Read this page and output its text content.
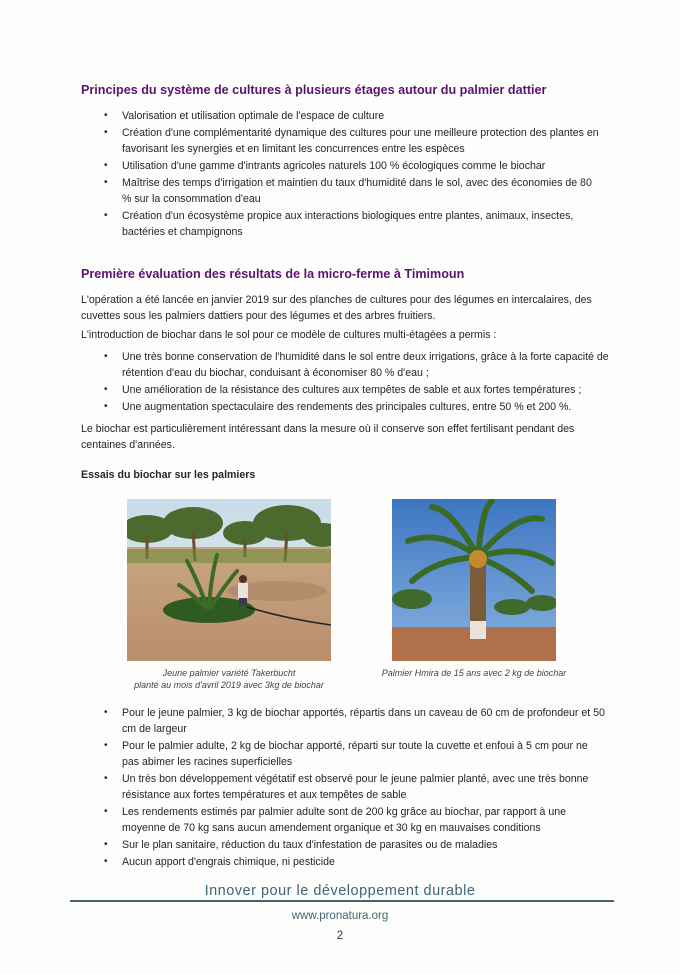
Principes du système de cultures à plusieurs étages autour du palmier dattier
• Valorisation et utilisation optimale de l'espace de culture
• Création d'une complémentarité dynamique des cultures pour une meilleure protection des plantes en favorisant les synergies et en limitant les concurrences entre les espèces
• Utilisation d'une gamme d'intrants agricoles naturels 100 % écologiques comme le biochar
• Maîtrise des temps d'irrigation et maintien du taux d'humidité dans le sol, avec des économies de 80 % sur la consommation d'eau
• Création d'un écosystème propice aux interactions biologiques entre plantes, animaux, insectes, bactéries et champignons
Première évaluation des résultats de la micro-ferme à Timimoun

L'opération a été lancée en janvier 2019 sur des planches de cultures pour des légumes en intercalaires, des cuvettes sous les palmiers dattiers pour des légumes et des arbres fruitiers.

L'introduction de biochar dans le sol pour ce modèle de cultures multi-étagées a permis :

• Une très bonne conservation de l'humidité dans le sol entre deux irrigations, grâce à la forte capacité de rétention d'eau du biochar, conduisant à économiser 80 % d'eau ;
• Une amélioration de la résistance des cultures aux tempêtes de sable et aux fortes températures ;
• Une augmentation spectaculaire des rendements des principales cultures, entre 50 % et 200 %.

Le biochar est particulièrement intéressant dans la mesure où il conserve son effet fertilisant pendant des centaines d'années.

Essais du biochar sur les palmiers
Jeune palmier variété Takerbucht
planté au mois d'avril 2019 avec 3kg de biochar
Palmier Hmira de 15 ans avec 2 kg de biochar
• Pour le jeune palmier, 3 kg de biochar apportés, répartis dans un caveau de 60 cm de profondeur et 50 cm de largeur
• Pour le palmier adulte, 2 kg de biochar apporté, réparti sur toute la cuvette et enfoui à 5 cm pour ne pas abimer les racines superficielles
• Un très bon développement végétatif est observé pour le jeune palmier planté, avec une très bonne résistance aux fortes températures et aux tempêtes de sable
• Les rendements estimés par palmier adulte sont de 200 kg grâce au biochar, par rapport à une moyenne de 70 kg sans aucun amendement organique et 30 kg en mauvaises conditions
• Sur le plan sanitaire, réduction du taux d'infestation de parasites ou de maladies
• Aucun apport d'engrais chimique, ni pesticide
Innover pour le développement durable
www.pronatura.org
2
